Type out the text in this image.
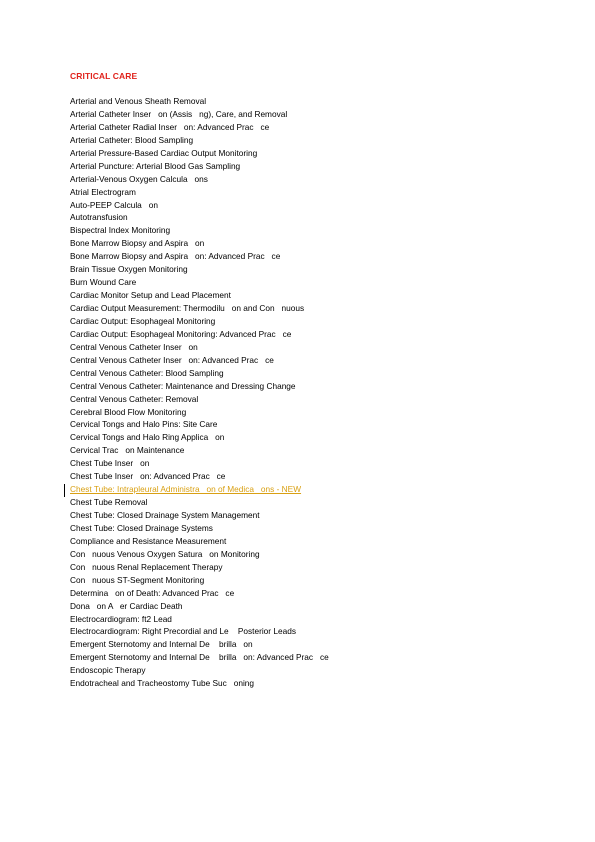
CRITICAL CARE
Arterial and Venous Sheath Removal
Arterial Catheter Inser   on (Assis   ng), Care, and Removal
Arterial Catheter Radial Inser   on: Advanced Prac   ce
Arterial Catheter: Blood Sampling
Arterial Pressure-Based Cardiac Output Monitoring
Arterial Puncture: Arterial Blood Gas Sampling
Arterial-Venous Oxygen Calcula   ons
Atrial Electrogram
Auto-PEEP Calcula   on
Autotransfusion
Bispectral Index Monitoring
Bone Marrow Biopsy and Aspira   on
Bone Marrow Biopsy and Aspira   on: Advanced Prac   ce
Brain Tissue Oxygen Monitoring
Burn Wound Care
Cardiac Monitor Setup and Lead Placement
Cardiac Output Measurement: Thermodilu   on and Con   nuous
Cardiac Output: Esophageal Monitoring
Cardiac Output: Esophageal Monitoring: Advanced Prac   ce
Central Venous Catheter Inser   on
Central Venous Catheter Inser   on: Advanced Prac   ce
Central Venous Catheter: Blood Sampling
Central Venous Catheter: Maintenance and Dressing Change
Central Venous Catheter: Removal
Cerebral Blood Flow Monitoring
Cervical Tongs and Halo Pins: Site Care
Cervical Tongs and Halo Ring Applica   on
Cervical Trac   on Maintenance
Chest Tube Inser   on
Chest Tube Inser   on: Advanced Prac   ce
Chest Tube: Intrapleural Administra   on of Medica   ons - NEW
Chest Tube Removal
Chest Tube: Closed Drainage System Management
Chest Tube: Closed Drainage Systems
Compliance and Resistance Measurement
Con   nuous Venous Oxygen Satura   on Monitoring
Con   nuous Renal Replacement Therapy
Con   nuous ST-Segment Monitoring
Determina   on of Death: Advanced Prac   ce
Dona   on A   er Cardiac Death
Electrocardiogram: ft2 Lead
Electrocardiogram: Right Precordial and Le    Posterior Leads
Emergent Sternotomy and Internal De    brilla   on
Emergent Sternotomy and Internal De    brilla   on: Advanced Prac   ce
Endoscopic Therapy
Endotracheal and Tracheostomy Tube Suc   oning
